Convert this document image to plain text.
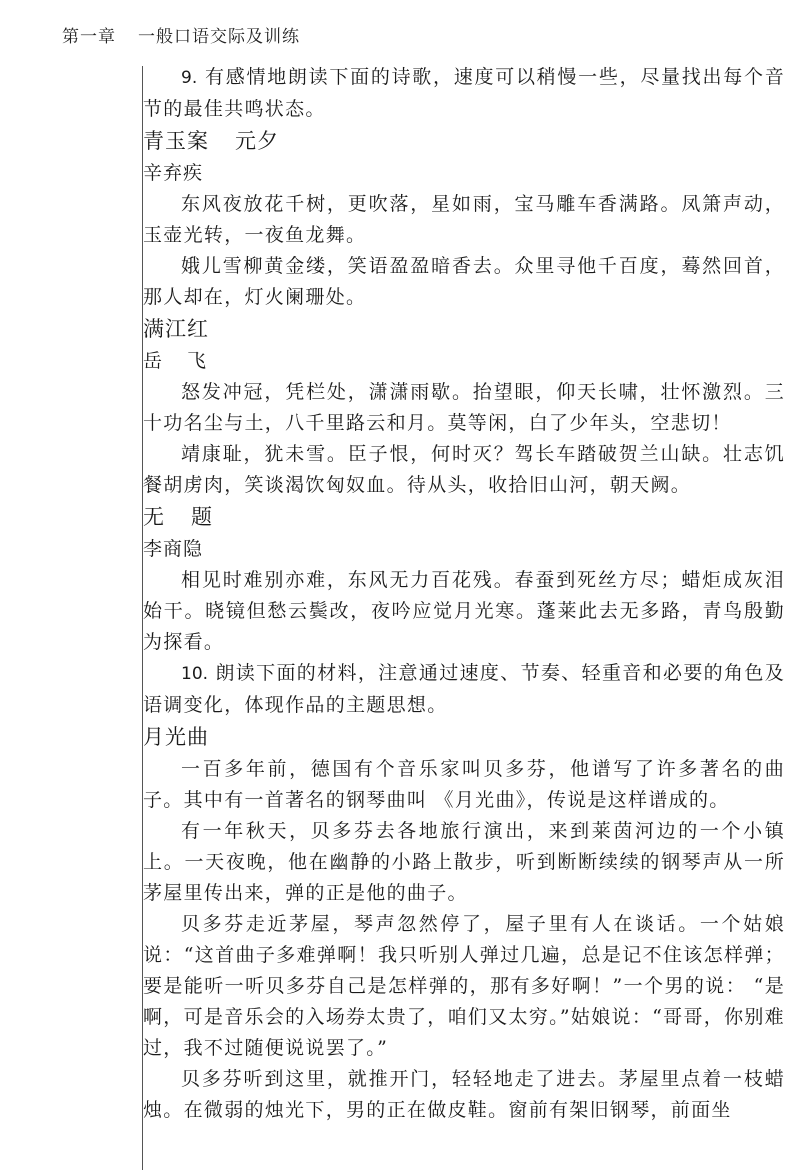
第一章 一般口语交际及训练

9. 有感情地朗读下面的诗歌，速度可以稍慢一些，尽量找出每个音节的最佳共鸣状态。

青玉案 元夕

辛弃疾

东风夜放花千树，更吹落，星如雨，宝马雕车香满路。凤箫声动，玉壶光转，一夜鱼龙舞。

娥儿雪柳黄金缕，笑语盈盈暗香去。众里寻他千百度，蓦然回首，那人却在，灯火阑珊处。

满江红

岳 飞

怒发冲冠，凭栏处，潇潇雨歇。抬望眼，仰天长啸，壮怀激烈。三十功名尘与土，八千里路云和月。莫等闲，白了少年头，空悲切！

靖康耻，犹未雪。臣子恨，何时灭？驾长车踏破贺兰山缺。壮志饥餐胡虏肉，笑谈渴饮匈奴血。待从头，收拾旧山河，朝天阙。

无 题

李商隐

相见时难别亦难，东风无力百花残。春蚕到死丝方尽；蜡炬成灰泪始干。晓镜但愁云鬓改，夜吟应觉月光寒。蓬莱此去无多路，青鸟殷勤为探看。

10. 朗读下面的材料，注意通过速度、节奏、轻重音和必要的角色及语调变化，体现作品的主题思想。

月光曲

一百多年前，德国有个音乐家叫贝多芬，他谱写了许多著名的曲子。其中有一首著名的钢琴曲叫 《月光曲》，传说是这样谱成的。

有一年秋天，贝多芬去各地旅行演出，来到莱茵河边的一个小镇上。一天夜晚，他在幽静的小路上散步，听到断断续续的钢琴声从一所茅屋里传出来，弹的正是他的曲子。

贝多芬走近茅屋，琴声忽然停了，屋子里有人在谈话。一个姑娘说：“这首曲子多难弹啊！我只听别人弹过几遍，总是记不住该怎样弹；要是能听一听贝多芬自己是怎样弹的，那有多好啊！”一个男的说： “是啊，可是音乐会的入场券太贵了，咱们又太穷。”姑娘说：“哥哥，你别难过，我不过随便说说罢了。”

贝多芬听到这里，就推开门，轻轻地走了进去。茅屋里点着一枝蜡烛。在微弱的烛光下，男的正在做皮鞋。窗前有架旧钢琴，前面坐
